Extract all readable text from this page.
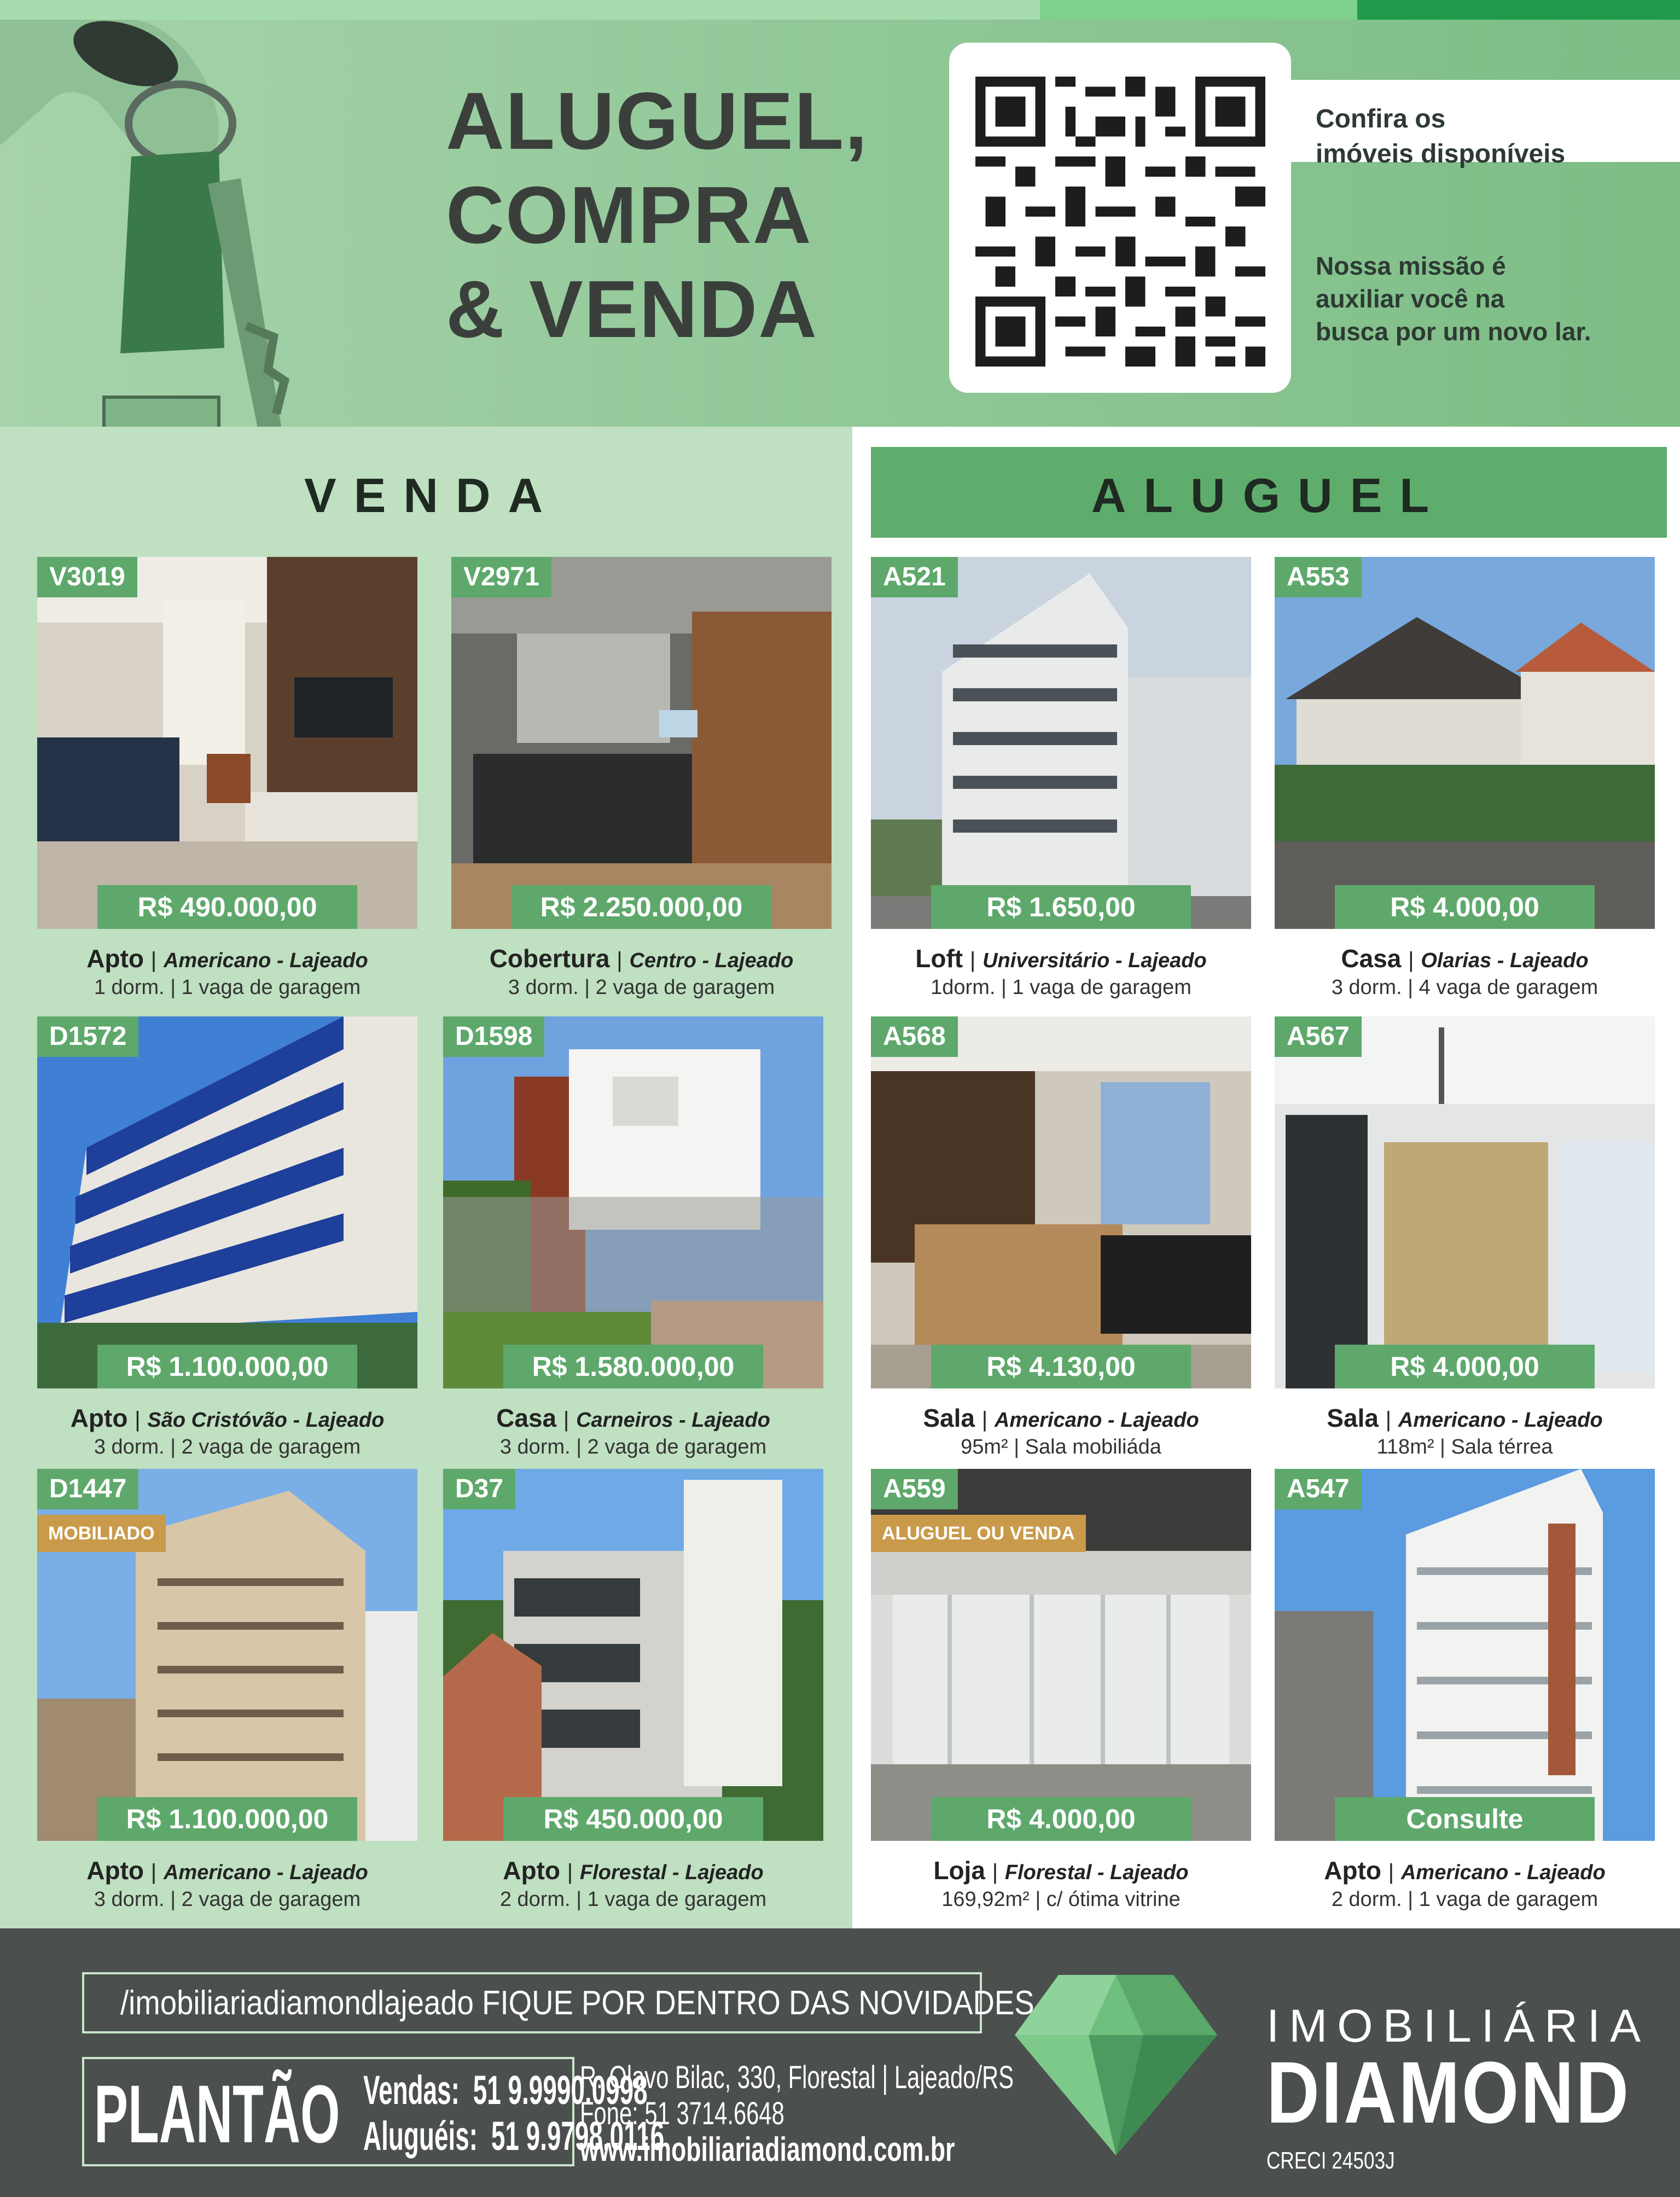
ALUGUEL,
COMPRA
& VENDA
Confira os
imóveis disponíveis
Nossa missão é
auxiliar você na
busca por um novo lar.
VENDA	ALUGUEL
V3019
R$ 490.000,00
Apto | Americano - Lajeado
1 dorm. | 1 vaga de garagem
V2971
R$ 2.250.000,00
Cobertura | Centro - Lajeado
3 dorm. | 2 vaga de garagem
D1572
R$ 1.100.000,00
Apto | São Cristóvão - Lajeado
3 dorm. | 2 vaga de garagem
D1598
R$ 1.580.000,00
Casa | Carneiros - Lajeado
3 dorm. | 2 vaga de garagem
D1447
MOBILIADO
R$ 1.100.000,00
Apto | Americano - Lajeado
3 dorm. | 2 vaga de garagem
D37
R$ 450.000,00
Apto | Florestal - Lajeado
2 dorm. | 1 vaga de garagem
A521
R$ 1.650,00
Loft | Universitário - Lajeado
1dorm. | 1 vaga de garagem
A553
R$ 4.000,00
Casa | Olarias - Lajeado
3 dorm. | 4 vaga de garagem
A568
R$ 4.130,00
Sala | Americano - Lajeado
95m² | Sala mobiliáda
A567
R$ 4.000,00
Sala | Americano - Lajeado
118m² | Sala térrea
A559
ALUGUEL OU VENDA
R$ 4.000,00
Loja | Florestal - Lajeado
169,92m² | c/ ótima vitrine
A547
Consulte
Apto | Americano - Lajeado
2 dorm. | 1 vaga de garagem
/imobiliariadiamondlajeado FIQUE POR DENTRO DAS NOVIDADES
PLANTÃO Vendas: 51 9.9990.0998
Aluguéis: 51 9.9798.0116
R. Olavo Bilac, 330, Florestal | Lajeado/RS
Fone: 51 3714.6648
www.imobiliariadiamond.com.br
IMOBILIÁRIA
DIAMOND
CRECI 24503J
